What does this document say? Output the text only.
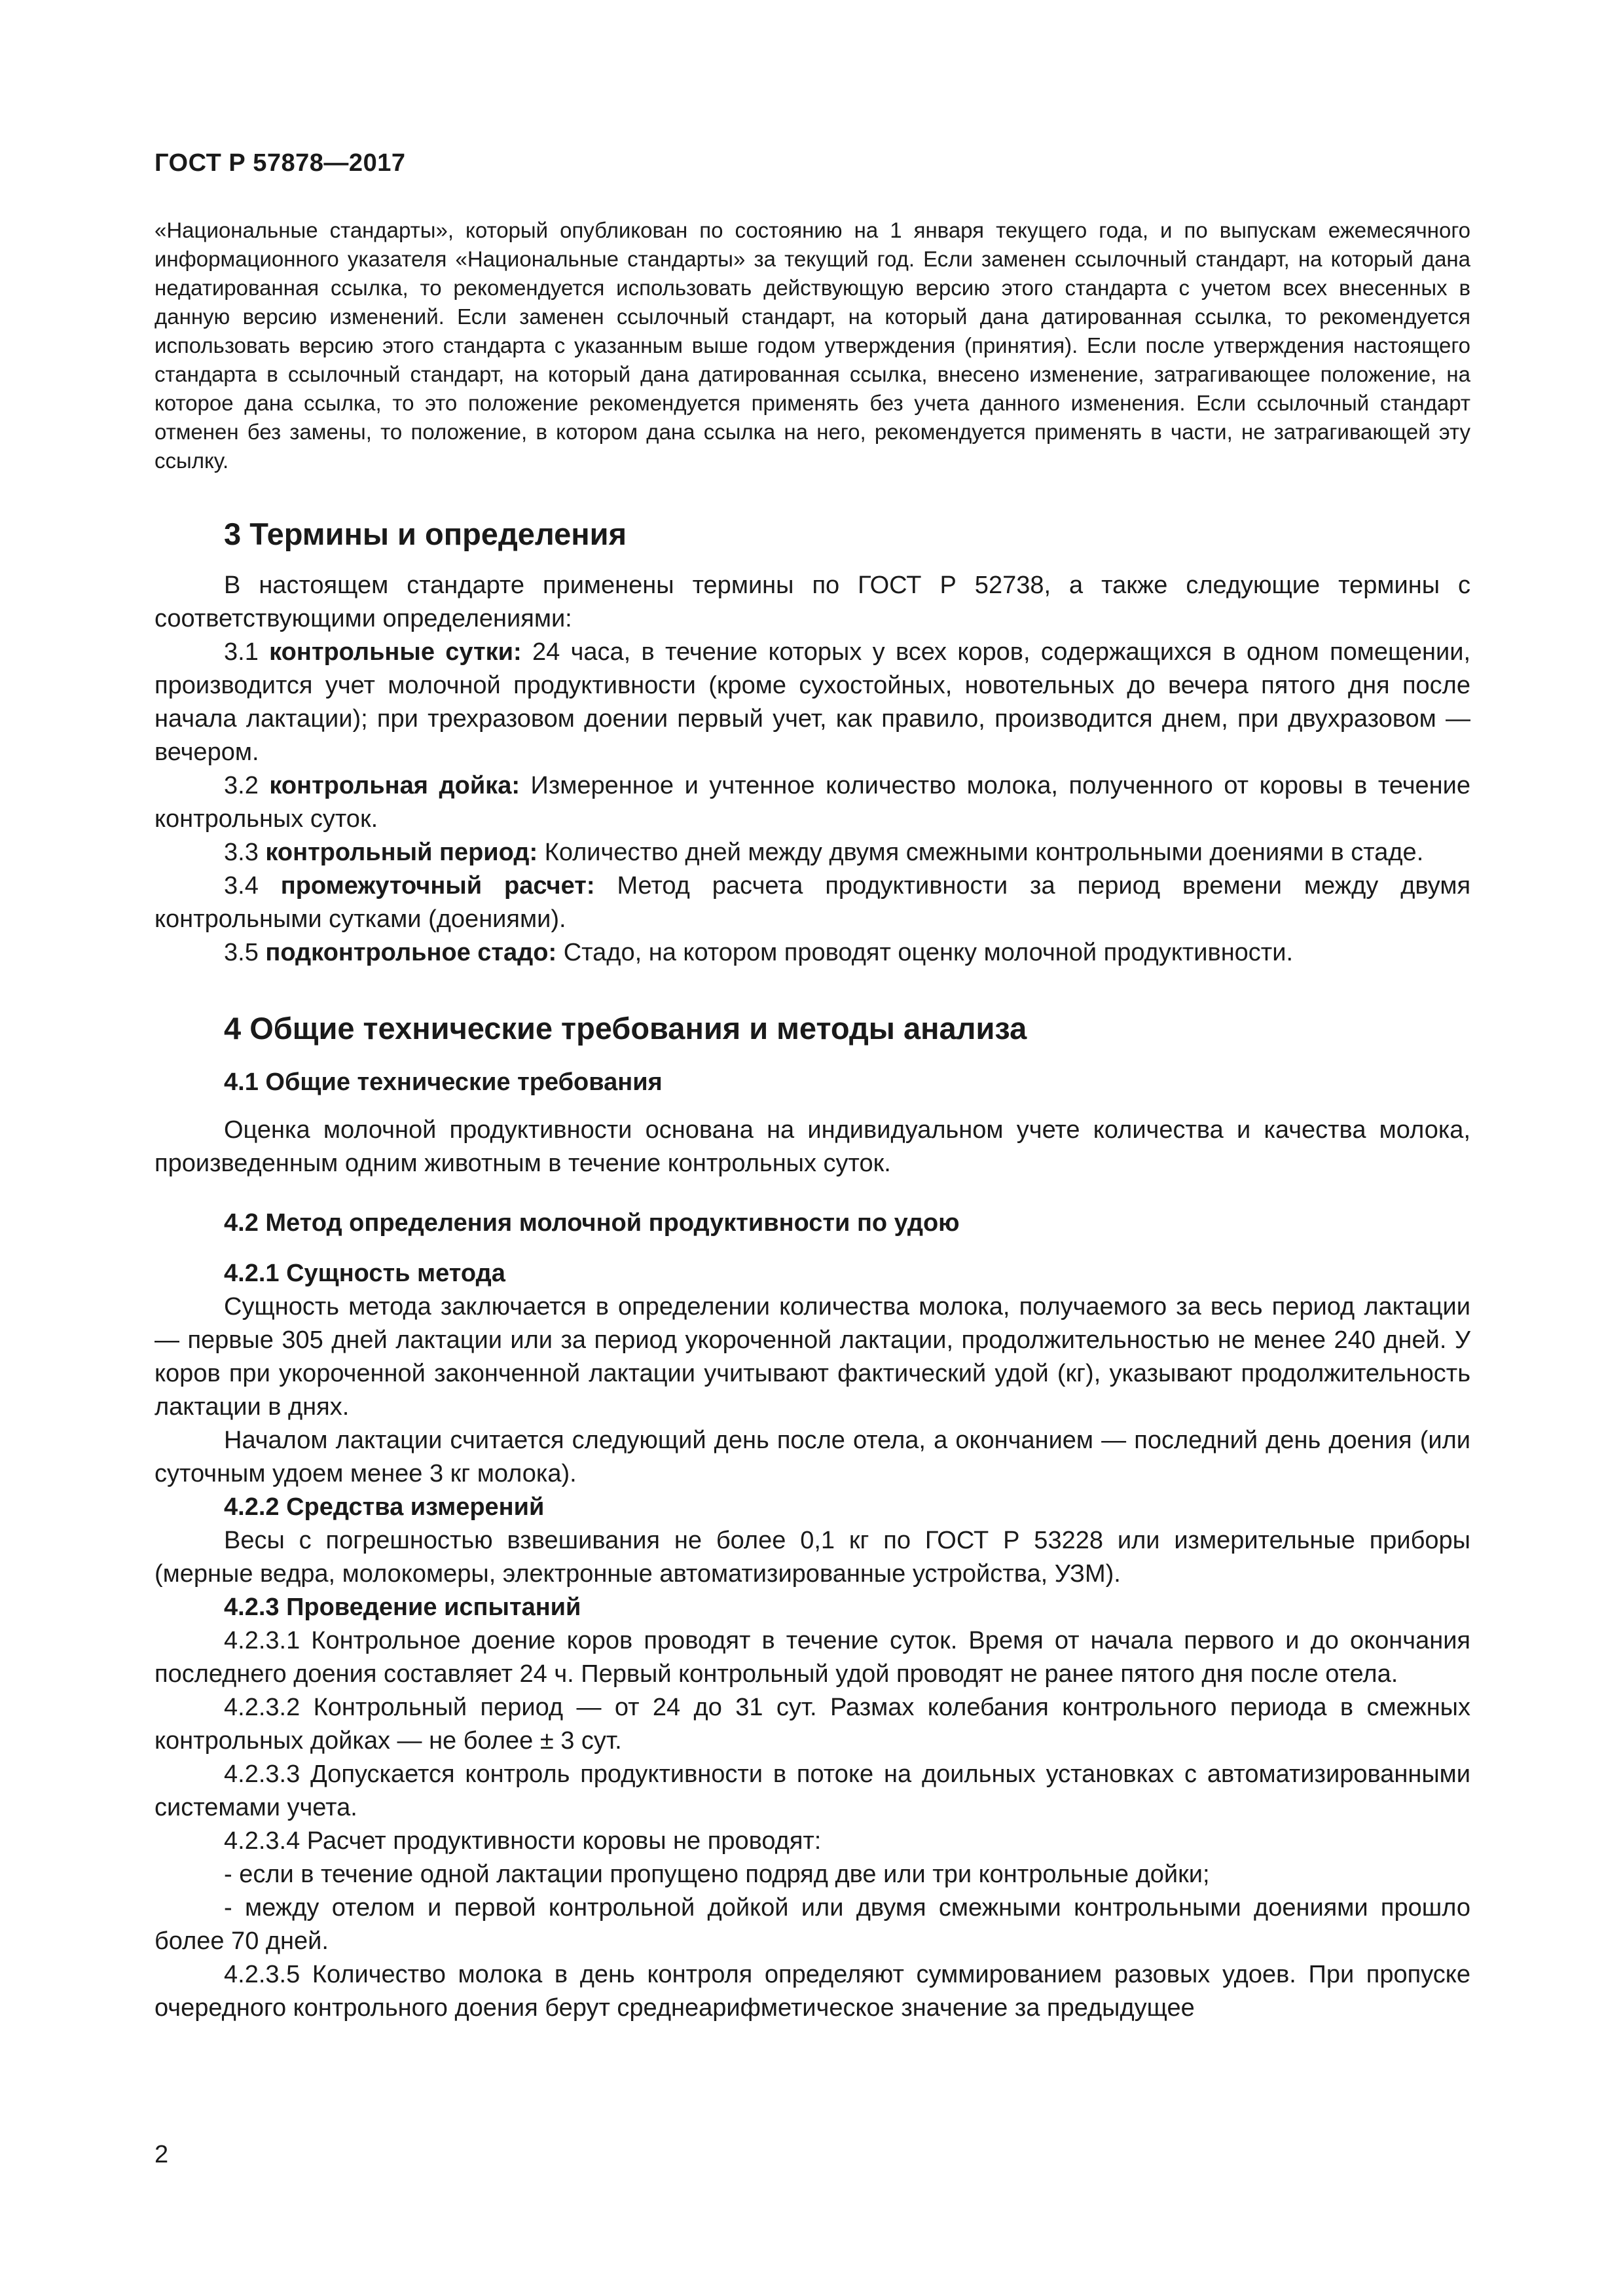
ГОСТ Р 57878—2017

«Национальные стандарты», который опубликован по состоянию на 1 января текущего года, и по выпускам ежемесячного информационного указателя «Национальные стандарты» за текущий год. Если заменен ссылочный стандарт, на который дана недатированная ссылка, то рекомендуется использовать действующую версию этого стандарта с учетом всех внесенных в данную версию изменений. Если заменен ссылочный стандарт, на который дана датированная ссылка, то рекомендуется использовать версию этого стандарта с указанным выше годом утверждения (принятия). Если после утверждения настоящего стандарта в ссылочный стандарт, на который дана датированная ссылка, внесено изменение, затрагивающее положение, на которое дана ссылка, то это положение рекомендуется применять без учета данного изменения. Если ссылочный стандарт отменен без замены, то положение, в котором дана ссылка на него, рекомендуется применять в части, не затрагивающей эту ссылку.

3 Термины и определения

В настоящем стандарте применены термины по ГОСТ Р 52738, а также следующие термины с соответствующими определениями:

3.1 контрольные сутки: 24 часа, в течение которых у всех коров, содержащихся в одном помещении, производится учет молочной продуктивности (кроме сухостойных, новотельных до вечера пятого дня после начала лактации); при трехразовом доении первый учет, как правило, производится днем, при двухразовом — вечером.

3.2 контрольная дойка: Измеренное и учтенное количество молока, полученного от коровы в течение контрольных суток.

3.3 контрольный период: Количество дней между двумя смежными контрольными доениями в стаде.

3.4 промежуточный расчет: Метод расчета продуктивности за период времени между двумя контрольными сутками (доениями).

3.5 подконтрольное стадо: Стадо, на котором проводят оценку молочной продуктивности.

4 Общие технические требования и методы анализа
4.1 Общие технические требования

Оценка молочной продуктивности основана на индивидуальном учете количества и качества молока, произведенным одним животным в течение контрольных суток.

4.2 Метод определения молочной продуктивности по удою

4.2.1 Сущность метода

Сущность метода заключается в определении количества молока, получаемого за весь период лактации — первые 305 дней лактации или за период укороченной лактации, продолжительностью не менее 240 дней. У коров при укороченной законченной лактации учитывают фактический удой (кг), указывают продолжительность лактации в днях.

Началом лактации считается следующий день после отела, а окончанием — последний день доения (или суточным удоем менее 3 кг молока).

4.2.2 Средства измерений

Весы с погрешностью взвешивания не более 0,1 кг по ГОСТ Р 53228 или измерительные приборы (мерные ведра, молокомеры, электронные автоматизированные устройства, УЗМ).

4.2.3 Проведение испытаний

4.2.3.1 Контрольное доение коров проводят в течение суток. Время от начала первого и до окончания последнего доения составляет 24 ч. Первый контрольный удой проводят не ранее пятого дня после отела.

4.2.3.2 Контрольный период — от 24 до 31 сут. Размах колебания контрольного периода в смежных контрольных дойках — не более ± 3 сут.

4.2.3.3 Допускается контроль продуктивности в потоке на доильных установках с автоматизированными системами учета.

4.2.3.4 Расчет продуктивности коровы не проводят:

- если в течение одной лактации пропущено подряд две или три контрольные дойки;

- между отелом и первой контрольной дойкой или двумя смежными контрольными доениями прошло более 70 дней.

4.2.3.5 Количество молока в день контроля определяют суммированием разовых удоев. При пропуске очередного контрольного доения берут среднеарифметическое значение за предыдущее

2
